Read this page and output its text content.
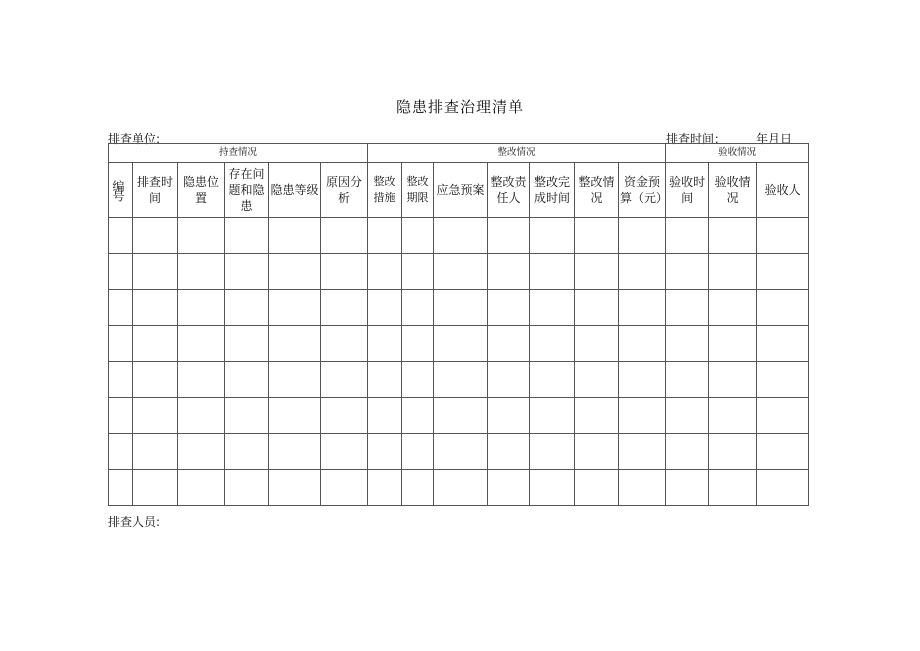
隐患排查治理清单
排查单位:	排查时间：	年月日
持查情况						整改情况							验收情况		

编号	排查时间	隐患位置	存在问题和隐患	隐患等级	原因分析	整改措施	整改期限	应急预案	整改责任人	整改完成时间	整改情况	资金预算（元）	验收时间	验收情况	验收人

排查人员:
